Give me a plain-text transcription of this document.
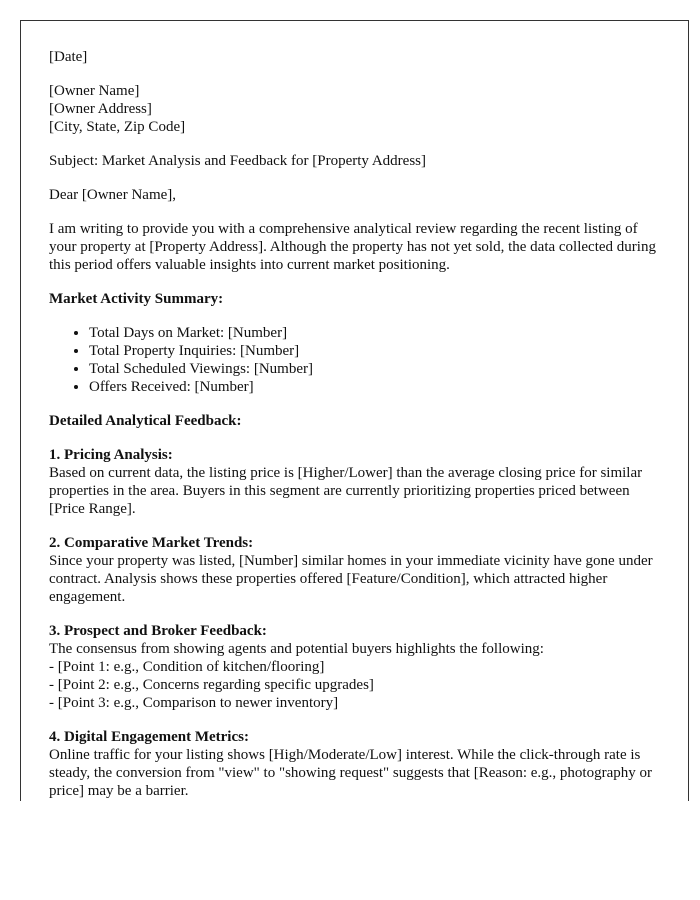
[Date]

[Owner Name]
[Owner Address]
[City, State, Zip Code]

Subject: Market Analysis and Feedback for [Property Address]

Dear [Owner Name],

I am writing to provide you with a comprehensive analytical review regarding the recent listing of your property at [Property Address]. Although the property has not yet sold, the data collected during this period offers valuable insights into current market positioning.

Market Activity Summary:

• Total Days on Market: [Number]
• Total Property Inquiries: [Number]
• Total Scheduled Viewings: [Number]
• Offers Received: [Number]

Detailed Analytical Feedback:

1. Pricing Analysis:
Based on current data, the listing price is [Higher/Lower] than the average closing price for similar properties in the area. Buyers in this segment are currently prioritizing properties priced between [Price Range].

2. Comparative Market Trends:
Since your property was listed, [Number] similar homes in your immediate vicinity have gone under contract. Analysis shows these properties offered [Feature/Condition], which attracted higher engagement.

3. Prospect and Broker Feedback:
The consensus from showing agents and potential buyers highlights the following:
- [Point 1: e.g., Condition of kitchen/flooring]
- [Point 2: e.g., Concerns regarding specific upgrades]
- [Point 3: e.g., Comparison to newer inventory]

4. Digital Engagement Metrics:
Online traffic for your listing shows [High/Moderate/Low] interest. While the click-through rate is steady, the conversion from "view" to "showing request" suggests that [Reason: e.g., photography or price] may be a barrier.
